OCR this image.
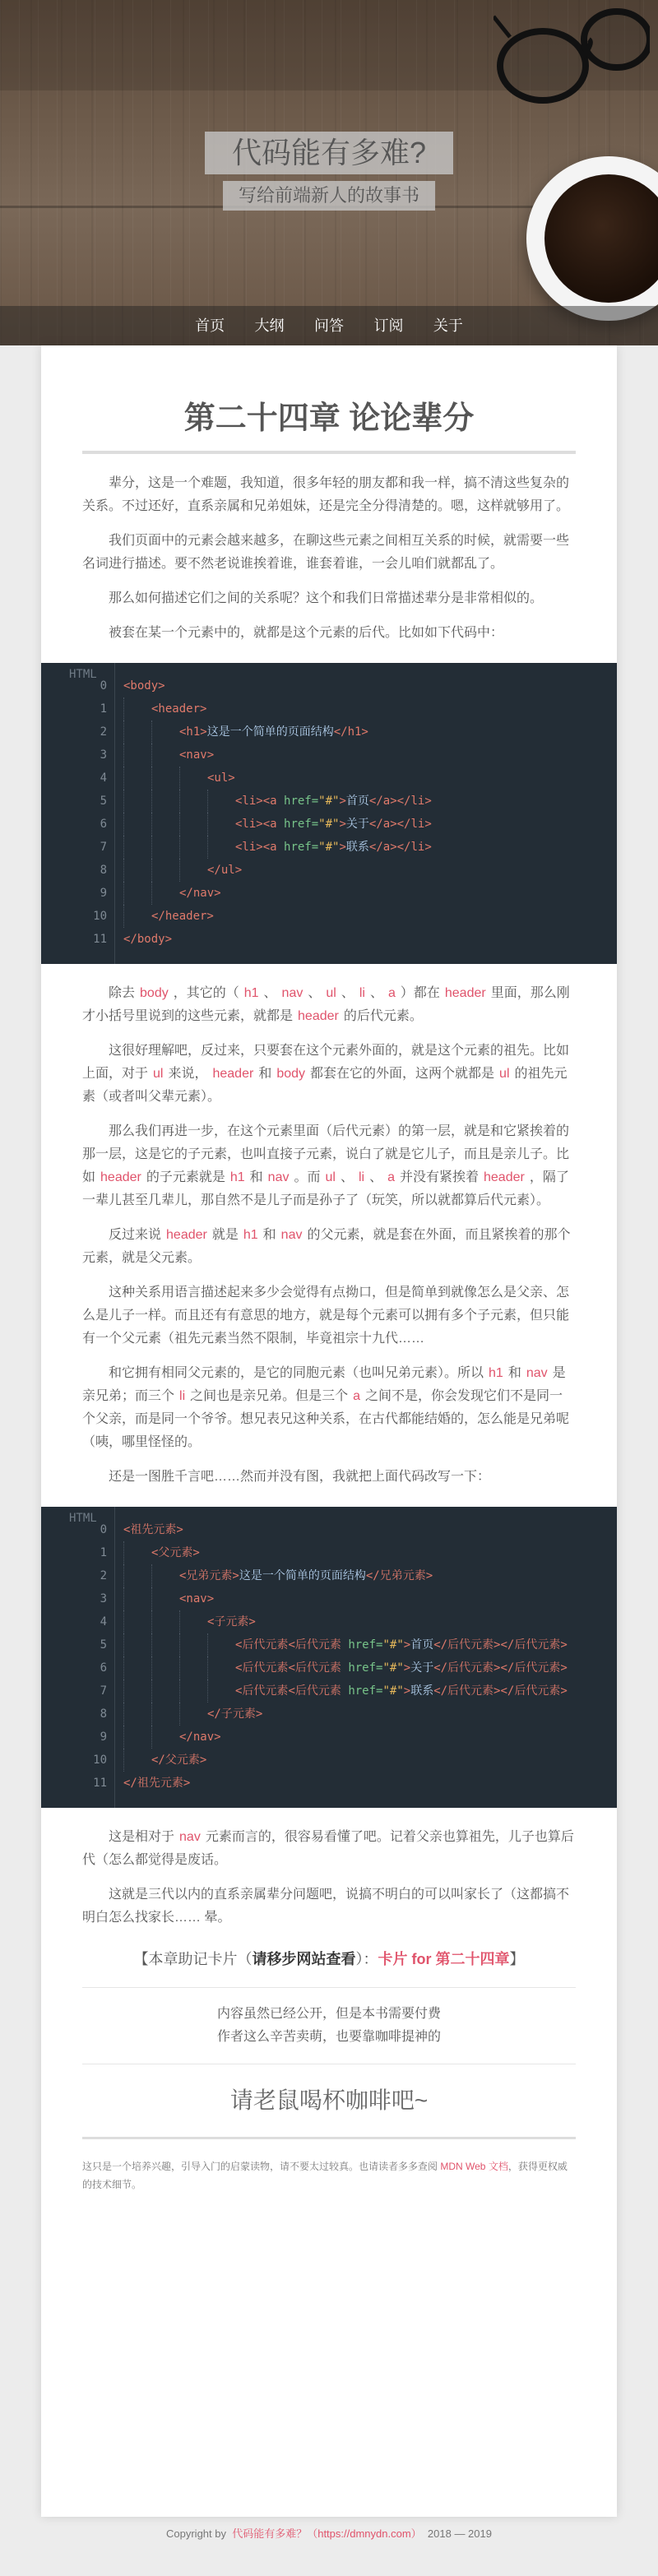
代码能有多难?
写给前端新人的故事书
首页 大纲 问答 订阅 关于
第二十四章 论论辈分

辈分，这是一个难题，我知道，很多年轻的朋友都和我一样，搞不清这些复杂的关系。不过还好，直系亲属和兄弟姐妹，还是完全分得清楚的。嗯，这样就够用了。

我们页面中的元素会越来越多，在聊这些元素之间相互关系的时候，就需要一些名词进行描述。要不然老说谁挨着谁，谁套着谁，一会儿咱们就都乱了。

那么如何描述它们之间的关系呢？这个和我们日常描述辈分是非常相似的。

被套在某一个元素中的，就都是这个元素的后代。比如如下代码中：

HTML
0 <body>
1	<header>
2	<h1>这是一个简单的页面结构</h1>
3	<nav>
4	<ul>
5	<li><a href="#">首页</a></li>
6	<li><a href="#">关于</a></li>
7	<li><a href="#">联系</a></li>
8	</ul>
9	</nav>
10	</header>
11 </body>

除去 body ，其它的（ h1 、 nav 、 ul 、 li 、 a ）都在 header 里面，那么刚才小括号里说到的这些元素，就都是 header 的后代元素。

这很好理解吧，反过来，只要套在这个元素外面的，就是这个元素的祖先。比如上面，对于 ul 来说， header 和 body 都套在它的外面，这两个就都是 ul 的祖先元素（或者叫父辈元素）。

那么我们再进一步，在这个元素里面（后代元素）的第一层，就是和它紧挨着的那一层，这是它的子元素，也叫直接子元素，说白了就是它儿子，而且是亲儿子。比如 header 的子元素就是 h1 和 nav 。而 ul 、 li 、 a 并没有紧挨着 header ，隔了一辈儿甚至几辈儿，那自然不是儿子而是孙子了（玩笑，所以就都算后代元素）。

反过来说 header 就是 h1 和 nav 的父元素，就是套在外面，而且紧挨着的那个元素，就是父元素。

这种关系用语言描述起来多少会觉得有点拗口，但是简单到就像怎么是父亲、怎么是儿子一样。而且还有有意思的地方，就是每个元素可以拥有多个子元素，但只能有一个父元素（祖先元素当然不限制，毕竟祖宗十九代……

和它拥有相同父元素的，是它的同胞元素（也叫兄弟元素）。所以 h1 和 nav 是亲兄弟；而三个 li 之间也是亲兄弟。但是三个 a 之间不是，你会发现它们不是同一个父亲，而是同一个爷爷。想兄表兄这种关系，在古代都能结婚的，怎么能是兄弟呢（咦，哪里怪怪的。

还是一图胜千言吧……然而并没有图，我就把上面代码改写一下：

HTML
0 <祖先元素>
1	<父元素>
2	<兄弟元素>这是一个简单的页面结构</兄弟元素>
3	<nav>
4	<子元素>
5	<后代元素<后代元素 href="#">首页</后代元素></后代元素>
6	<后代元素<后代元素 href="#">关于</后代元素></后代元素>
7	<后代元素<后代元素 href="#">联系</后代元素></后代元素>
8	</子元素>
9	</nav>
10	</父元素>
11 </祖先元素>

这是相对于 nav 元素而言的，很容易看懂了吧。记着父亲也算祖先，儿子也算后代（怎么都觉得是废话。

这就是三代以内的直系亲属辈分问题吧，说搞不明白的可以叫家长了（这都搞不明白怎么找家长…… 晕。

【本章助记卡片（请移步网站查看）：卡片 for 第二十四章】
内容虽然已经公开，但是本书需要付费
作者这么辛苦卖萌，也要靠咖啡提神的
请老鼠喝杯咖啡吧~
这只是一个培养兴趣，引导入门的启蒙读物，请不要太过较真。也请读者多多查阅 MDN Web 文档，获得更权威的技术细节。
Copyright by 代码能有多难？（https://dmnydn.com） 2018 — 2019
